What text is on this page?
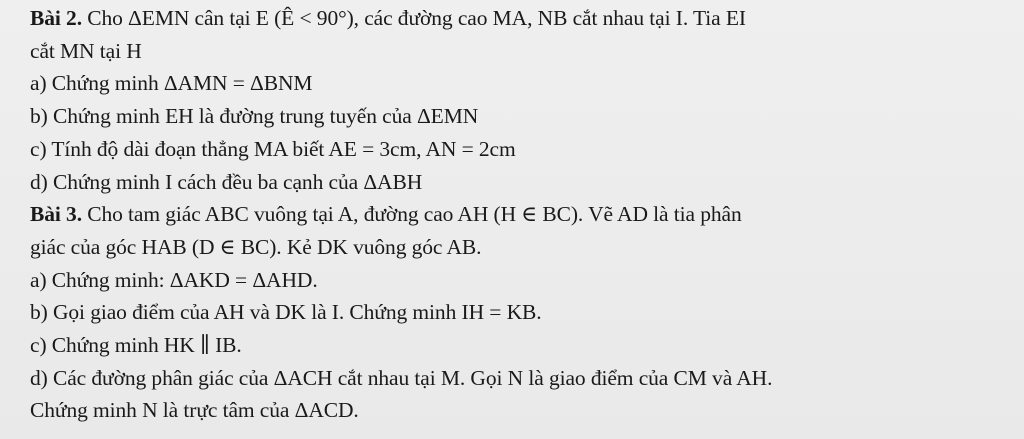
Bài 2. Cho ΔEMN cân tại E (Ê < 90°), các đường cao MA, NB cắt nhau tại I. Tia EI
cắt MN tại H
a) Chứng minh ΔAMN = ΔBNM
b) Chứng minh EH là đường trung tuyến của ΔEMN
c) Tính độ dài đoạn thẳng MA biết AE = 3cm, AN = 2cm
d) Chứng minh I cách đều ba cạnh của ΔABH
Bài 3. Cho tam giác ABC vuông tại A, đường cao AH (H ∈ BC). Vẽ AD là tia phân
giác của góc HAB (D ∈ BC). Kẻ DK vuông góc AB.
a) Chứng minh: ΔAKD = ΔAHD.
b) Gọi giao điểm của AH và DK là I. Chứng minh IH = KB.
c) Chứng minh HK ∥ IB.
d) Các đường phân giác của ΔACH cắt nhau tại M. Gọi N là giao điểm của CM và AH.
Chứng minh N là trực tâm của ΔACD.
